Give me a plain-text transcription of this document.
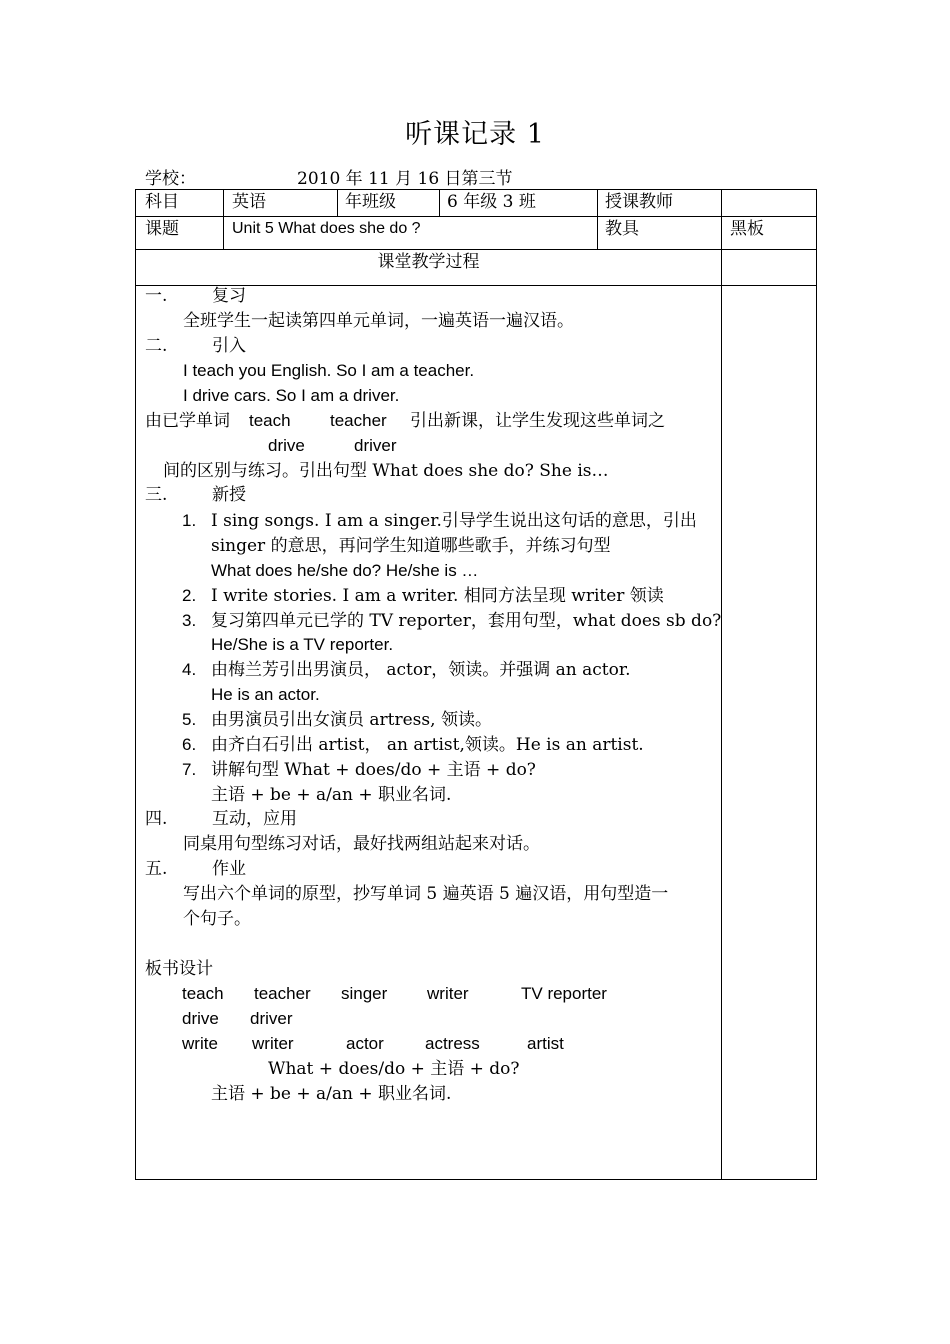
听课记录 1
学校：	2010 年 11 月 16 日第三节
科目	英语	年班级	6 年级 3 班	授课教师
课题	Unit 5 What does she do ?	教具	黑板
课堂教学过程
一.	复习
全班学生一起读第四单元单词，一遍英语一遍汉语。
二.	引入
I teach you English. So I am a teacher.
I drive cars. So I am a driver.
由已学单词 teach teacher 引出新课，让学生发现这些单词之
drive	driver
间的区别与练习。引出句型 What does she do? She is…
三.	新授
1. I sing songs. I am a singer.引导学生说出这句话的意思，引出
singer 的意思，再问学生知道哪些歌手，并练习句型
What does he/she do? He/she is …
2. I write stories. I am a writer. 相同方法呈现 writer 领读
3. 复习第四单元已学的 TV reporter，套用句型，what does sb do?
He/She is a TV reporter.
4. 由梅兰芳引出男演员， actor，领读。并强调 an actor.
He is an actor.
5. 由男演员引出女演员 artress, 领读。
6. 由齐白石引出 artist， an artist,领读。He is an artist.
7. 讲解句型 What + does/do + 主语 + do?
主语 + be + a/an + 职业名词.
四.	互动，应用
同桌用句型练习对话，最好找两组站起来对话。
五.	作业
写出六个单词的原型，抄写单词 5 遍英语 5 遍汉语，用句型造一
个句子。
板书设计
teach teacher singer writer	TV reporter
drive driver
write writer	actor actress	artist
What + does/do + 主语 + do?
主语 + be + a/an + 职业名词.
